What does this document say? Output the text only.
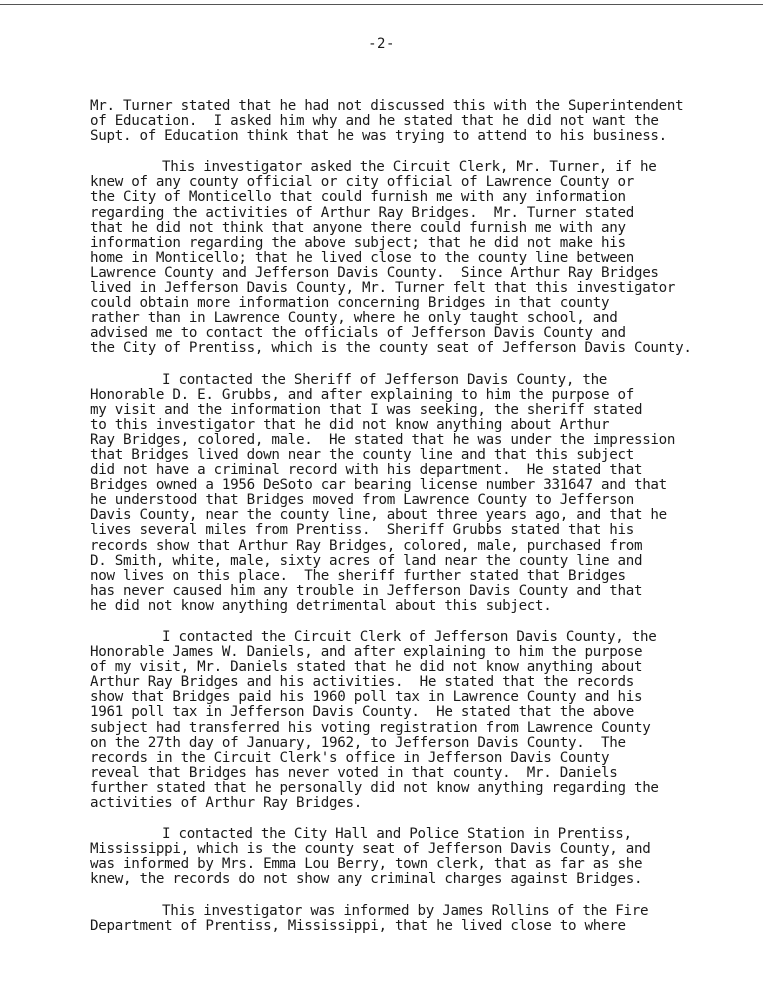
-2-
Mr. Turner stated that he had not discussed this with the Superintendent
of Education.  I asked him why and he stated that he did not want the
Supt. of Education think that he was trying to attend to his business.
This investigator asked the Circuit Clerk, Mr. Turner, if he
knew of any county official or city official of Lawrence County or
the City of Monticello that could furnish me with any information
regarding the activities of Arthur Ray Bridges.  Mr. Turner stated
that he did not think that anyone there could furnish me with any
information regarding the above subject; that he did not make his
home in Monticello; that he lived close to the county line between
Lawrence County and Jefferson Davis County.  Since Arthur Ray Bridges
lived in Jefferson Davis County, Mr. Turner felt that this investigator
could obtain more information concerning Bridges in that county
rather than in Lawrence County, where he only taught school, and
advised me to contact the officials of Jefferson Davis County and
the City of Prentiss, which is the county seat of Jefferson Davis County.
I contacted the Sheriff of Jefferson Davis County, the
Honorable D. E. Grubbs, and after explaining to him the purpose of
my visit and the information that I was seeking, the sheriff stated
to this investigator that he did not know anything about Arthur
Ray Bridges, colored, male.  He stated that he was under the impression
that Bridges lived down near the county line and that this subject
did not have a criminal record with his department.  He stated that
Bridges owned a 1956 DeSoto car bearing license number 331647 and that
he understood that Bridges moved from Lawrence County to Jefferson
Davis County, near the county line, about three years ago, and that he
lives several miles from Prentiss.  Sheriff Grubbs stated that his
records show that Arthur Ray Bridges, colored, male, purchased from
D. Smith, white, male, sixty acres of land near the county line and
now lives on this place.  The sheriff further stated that Bridges
has never caused him any trouble in Jefferson Davis County and that
he did not know anything detrimental about this subject.
I contacted the Circuit Clerk of Jefferson Davis County, the
Honorable James W. Daniels, and after explaining to him the purpose
of my visit, Mr. Daniels stated that he did not know anything about
Arthur Ray Bridges and his activities.  He stated that the records
show that Bridges paid his 1960 poll tax in Lawrence County and his
1961 poll tax in Jefferson Davis County.  He stated that the above
subject had transferred his voting registration from Lawrence County
on the 27th day of January, 1962, to Jefferson Davis County.  The
records in the Circuit Clerk's office in Jefferson Davis County
reveal that Bridges has never voted in that county.  Mr. Daniels
further stated that he personally did not know anything regarding the
activities of Arthur Ray Bridges.
I contacted the City Hall and Police Station in Prentiss,
Mississippi, which is the county seat of Jefferson Davis County, and
was informed by Mrs. Emma Lou Berry, town clerk, that as far as she
knew, the records do not show any criminal charges against Bridges.
This investigator was informed by James Rollins of the Fire
Department of Prentiss, Mississippi, that he lived close to where
